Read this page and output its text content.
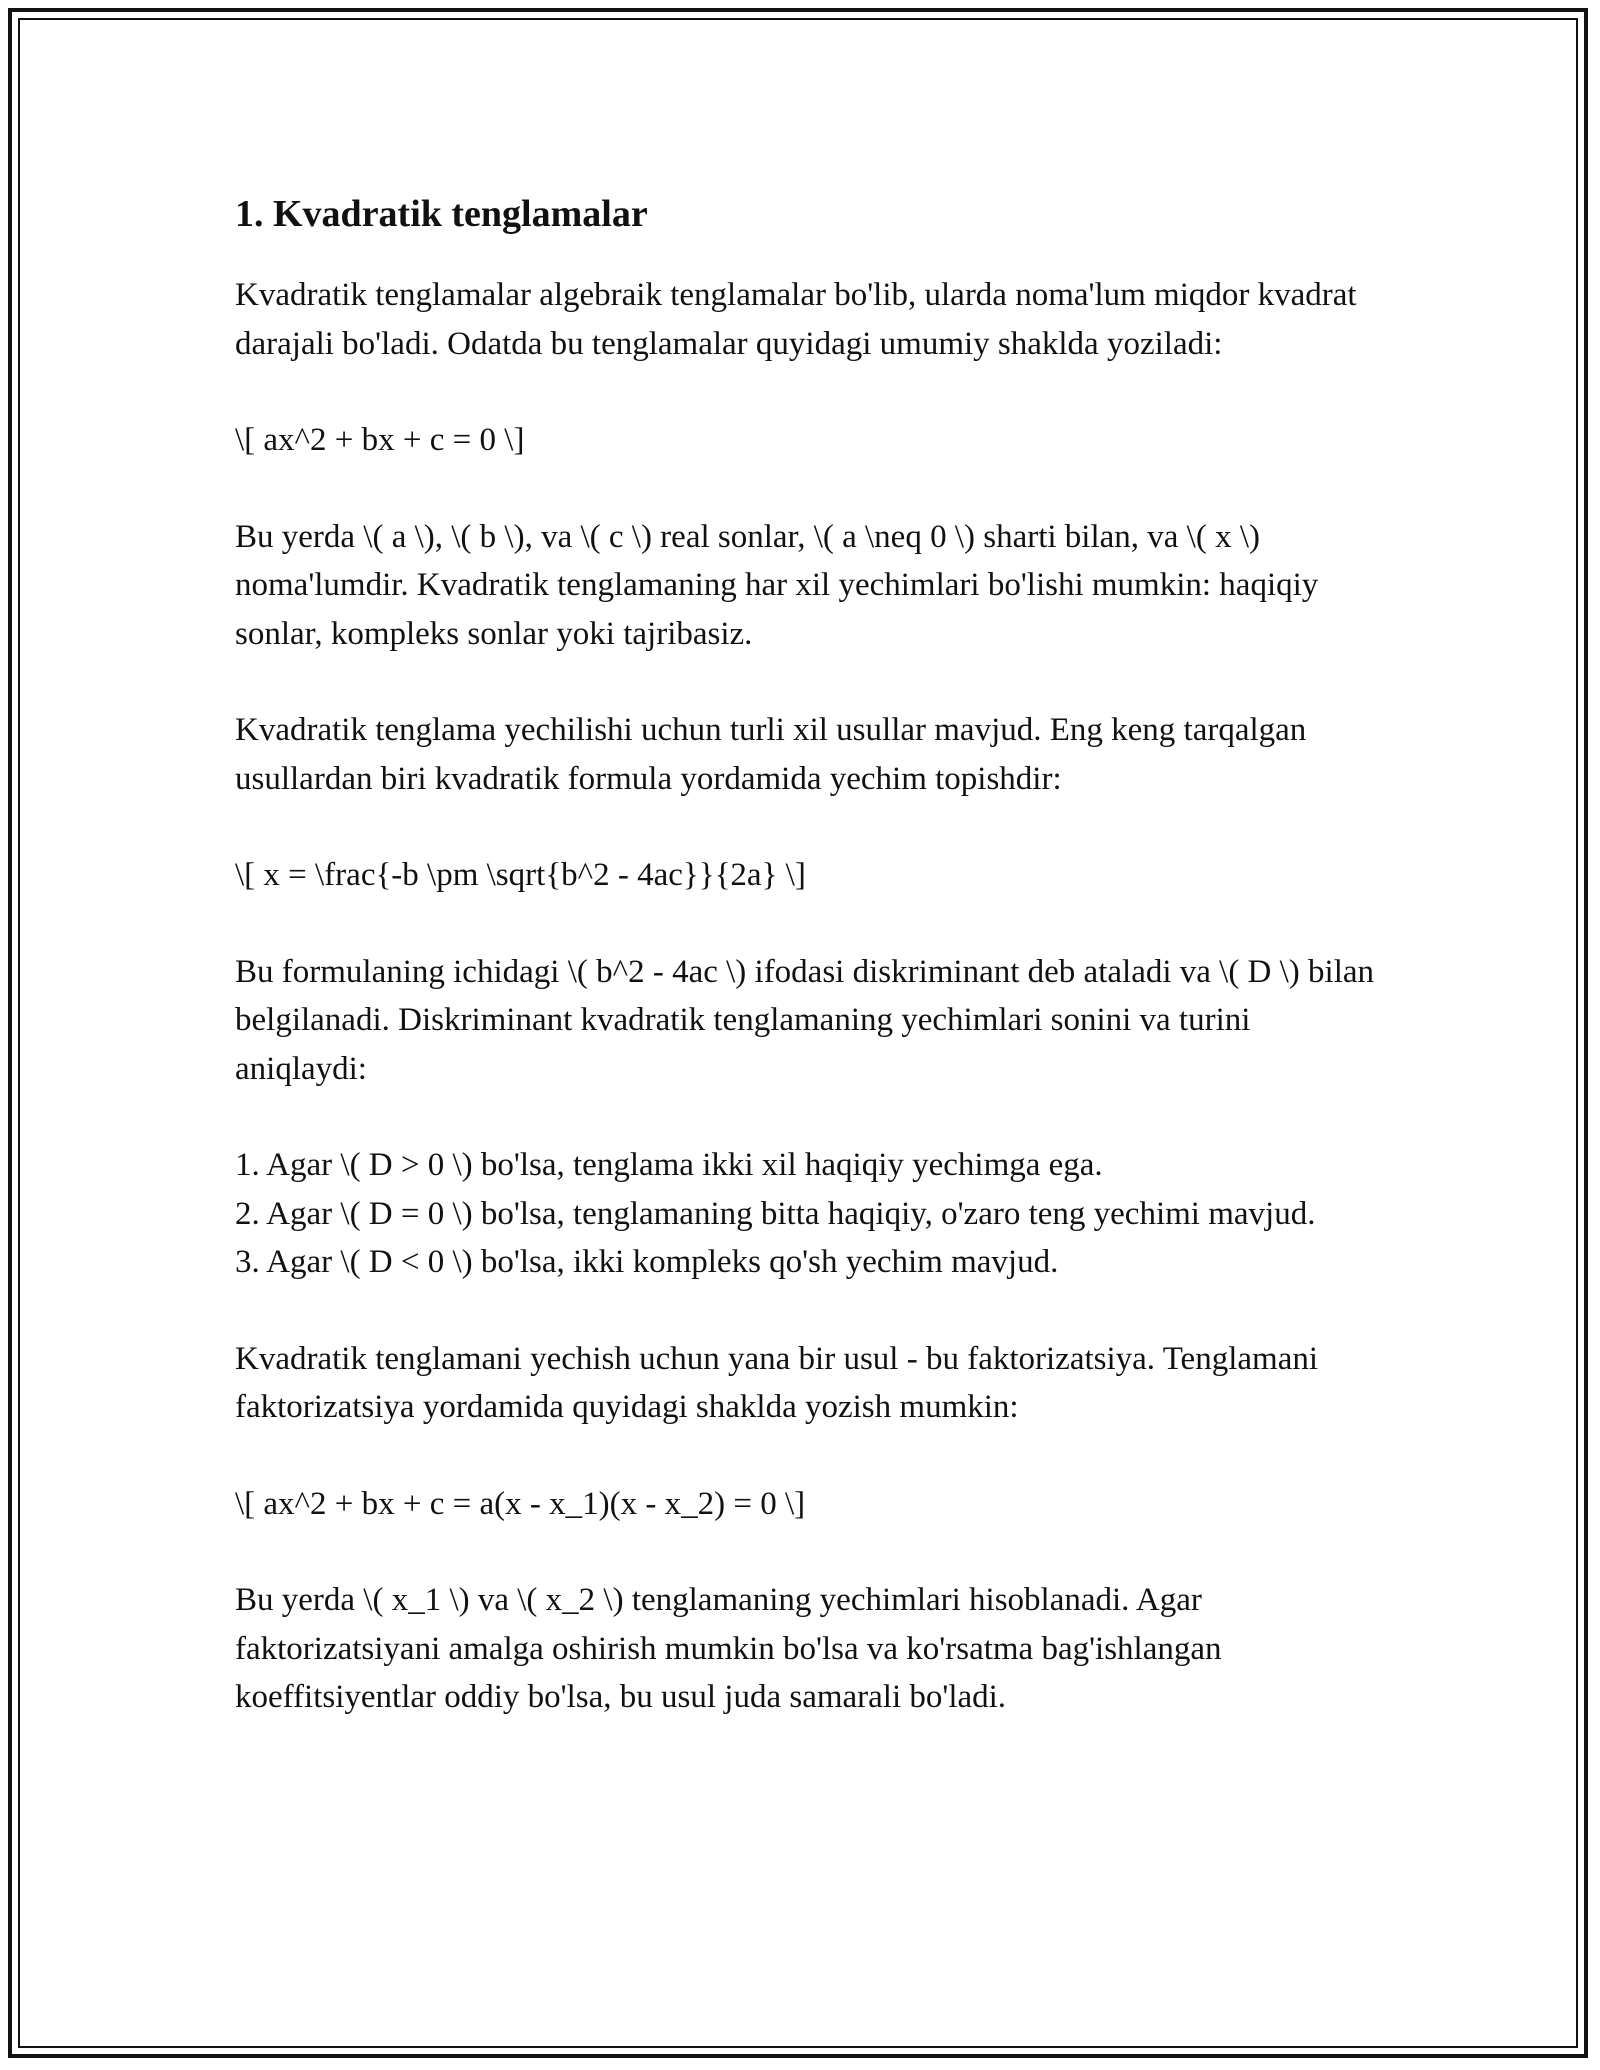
1. Kvadratik tenglamalar

Kvadratik tenglamalar algebraik tenglamalar bo'lib, ularda noma'lum miqdor kvadrat darajali bo'ladi. Odatda bu tenglamalar quyidagi umumiy shaklda yoziladi:

\[ ax^2 + bx + c = 0 \]

Bu yerda \( a \), \( b \), va \( c \) real sonlar, \( a \neq 0 \) sharti bilan, va \( x \) noma'lumdir. Kvadratik tenglamaning har xil yechimlari bo'lishi mumkin: haqiqiy sonlar, kompleks sonlar yoki tajribasiz.

Kvadratik tenglama yechilishi uchun turli xil usullar mavjud. Eng keng tarqalgan usullardan biri kvadratik formula yordamida yechim topishdir:

\[ x = \frac{-b \pm \sqrt{b^2 - 4ac}}{2a} \]

Bu formulaning ichidagi \( b^2 - 4ac \) ifodasi diskriminant deb ataladi va \( D \) bilan belgilanadi. Diskriminant kvadratik tenglamaning yechimlari sonini va turini aniqlaydi:

1. Agar \( D > 0 \) bo'lsa, tenglama ikki xil haqiqiy yechimga ega.
2. Agar \( D = 0 \) bo'lsa, tenglamaning bitta haqiqiy, o'zaro teng yechimi mavjud.
3. Agar \( D < 0 \) bo'lsa, ikki kompleks qo'sh yechim mavjud.

Kvadratik tenglamani yechish uchun yana bir usul - bu faktorizatsiya. Tenglamani faktorizatsiya yordamida quyidagi shaklda yozish mumkin:

\[ ax^2 + bx + c = a(x - x_1)(x - x_2) = 0 \]

Bu yerda \( x_1 \) va \( x_2 \) tenglamaning yechimlari hisoblanadi. Agar faktorizatsiyani amalga oshirish mumkin bo'lsa va ko'rsatma bag'ishlangan koeffitsiyentlar oddiy bo'lsa, bu usul juda samarali bo'ladi.
